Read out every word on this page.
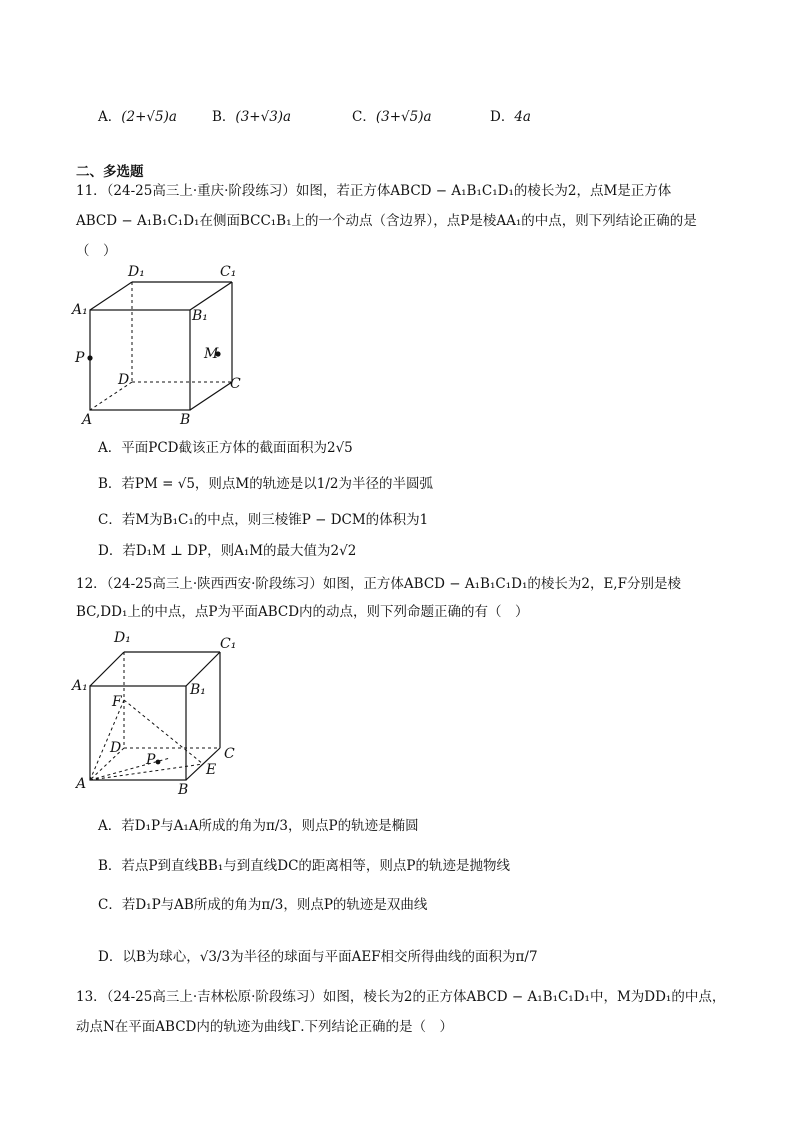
A．(2+√5)a	B．(3+√3)a	C．(3+√5)a	D．4a
二、多选题
11．（24-25高三上·重庆·阶段练习）如图，若正方体ABCD − A₁B₁C₁D₁的棱长为2，点M是正方体
ABCD − A₁B₁C₁D₁在侧面BCC₁B₁上的一个动点（含边界），点P是棱AA₁的中点，则下列结论正确的是
（　）
D₁	C₁
A₁	B₁
P	M
D	C
A	B
A．平面PCD截该正方体的截面面积为2√5
B．若PM = √5，则点M的轨迹是以1/2为半径的半圆弧
C．若M为B₁C₁的中点，则三棱锥P − DCM的体积为1
D．若D₁M ⊥ DP，则A₁M的最大值为2√2
12．（24-25高三上·陕西西安·阶段练习）如图，正方体ABCD − A₁B₁C₁D₁的棱长为2，E,F分别是棱
BC,DD₁上的中点，点P为平面ABCD内的动点，则下列命题正确的有（　）
D₁	C₁
A₁	B₁
F
D	C
P
E
A	B
A．若D₁P与A₁A所成的角为π/3，则点P的轨迹是椭圆
B．若点P到直线BB₁与到直线DC的距离相等，则点P的轨迹是抛物线
C．若D₁P与AB所成的角为π/3，则点P的轨迹是双曲线
D．以B为球心，√3/3为半径的球面与平面AEF相交所得曲线的面积为π/7
13．（24-25高三上·吉林松原·阶段练习）如图，棱长为2的正方体ABCD − A₁B₁C₁D₁中，M为DD₁的中点，
动点N在平面ABCD内的轨迹为曲线Γ.下列结论正确的是（　）
